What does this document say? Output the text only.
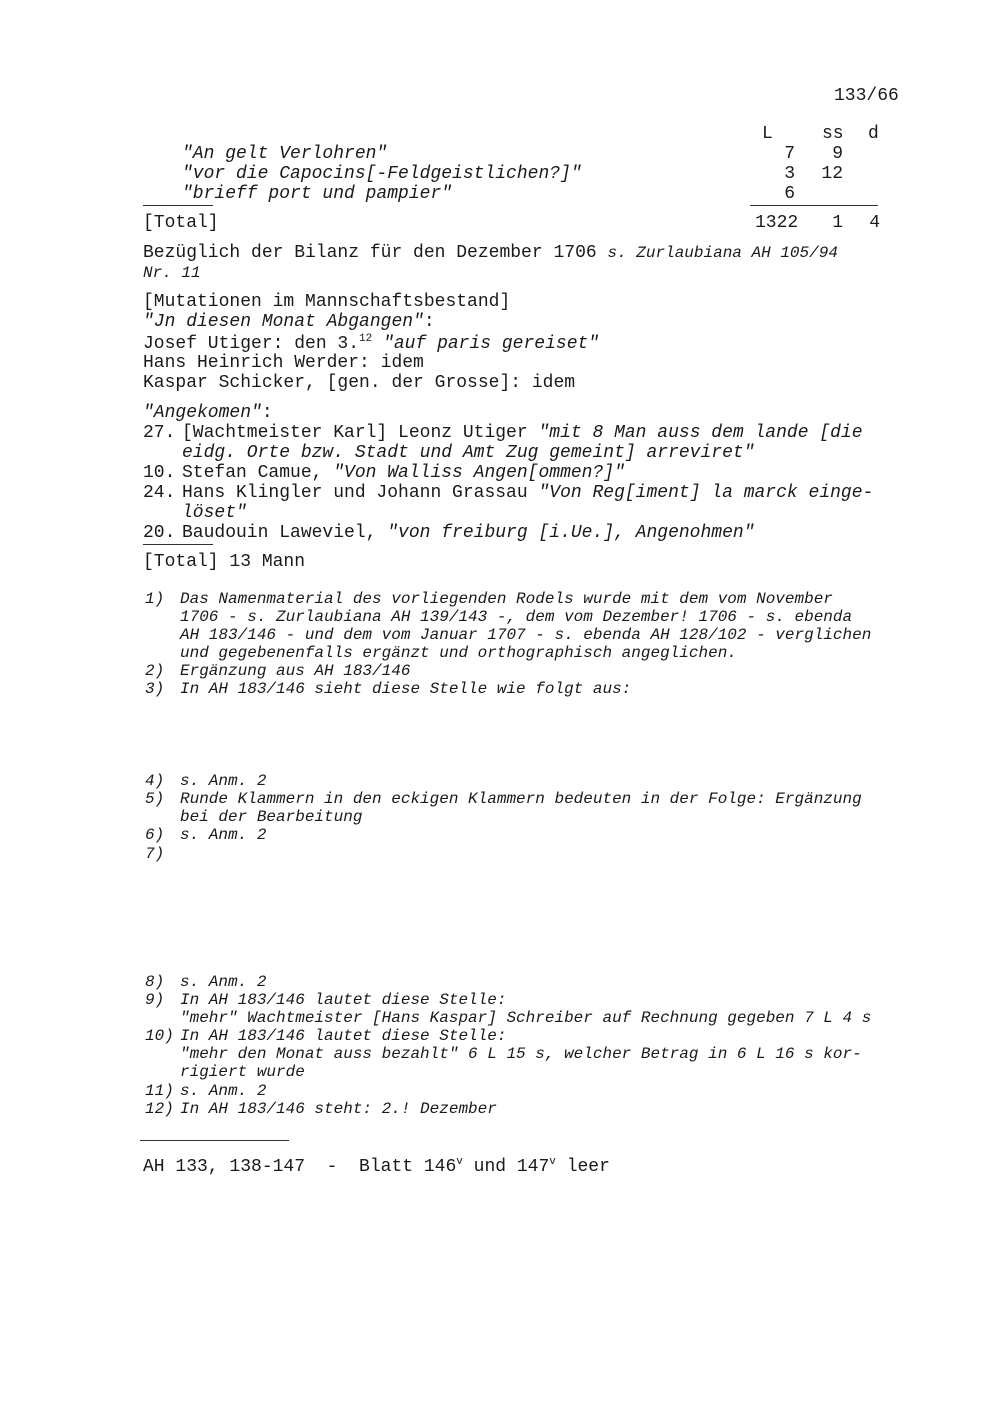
133/66
L	ss d
"An gelt Verlohren"	7	9
"vor die Capocins[-Feldgeistlichen?]"	3	12
"brieff port und pampier"	6
[Total]	1322	1	4
Bezüglich der Bilanz für den Dezember 1706 s. Zurlaubiana AH 105/94
Nr. 11
[Mutationen im Mannschaftsbestand]
"Jn diesen Monat Abgangen":
Josef Utiger: den 3.12 "auf paris gereiset"
Hans Heinrich Werder: idem
Kaspar Schicker, [gen. der Grosse]: idem
"Angekomen":
27. [Wachtmeister Karl] Leonz Utiger "mit 8 Man auss dem lande [die
eidg. Orte bzw. Stadt und Amt Zug gemeint] arreviret"
10. Stefan Camue, "Von Walliss Angen[ommen?]"
24. Hans Klingler und Johann Grassau "Von Reg[iment] la marck einge-
löset"
20. Baudouin Laweviel, "von freiburg [i.Ue.], Angenohmen"
[Total] 13 Mann
1) Das Namenmaterial des vorliegenden Rodels wurde mit dem vom November
1706 - s. Zurlaubiana AH 139/143 -, dem vom Dezember! 1706 - s. ebenda
AH 183/146 - und dem vom Januar 1707 - s. ebenda AH 128/102 - verglichen
und gegebenenfalls ergänzt und orthographisch angeglichen.
2) Ergänzung aus AH 183/146
3) In AH 183/146 sieht diese Stelle wie folgt aus:
4) s. Anm. 2
5) Runde Klammern in den eckigen Klammern bedeuten in der Folge: Ergänzung
bei der Bearbeitung
6) s. Anm. 2
7)
8) s. Anm. 2
9) In AH 183/146 lautet diese Stelle:
"mehr" Wachtmeister [Hans Kaspar] Schreiber auf Rechnung gegeben 7 L 4 s
10) In AH 183/146 lautet diese Stelle:
"mehr den Monat auss bezahlt" 6 L 15 s, welcher Betrag in 6 L 16 s kor-
rigiert wurde
11) s. Anm. 2
12) In AH 183/146 steht: 2.! Dezember
AH 133, 138-147  -  Blatt 146$^v$ und 147$^v$ leer
